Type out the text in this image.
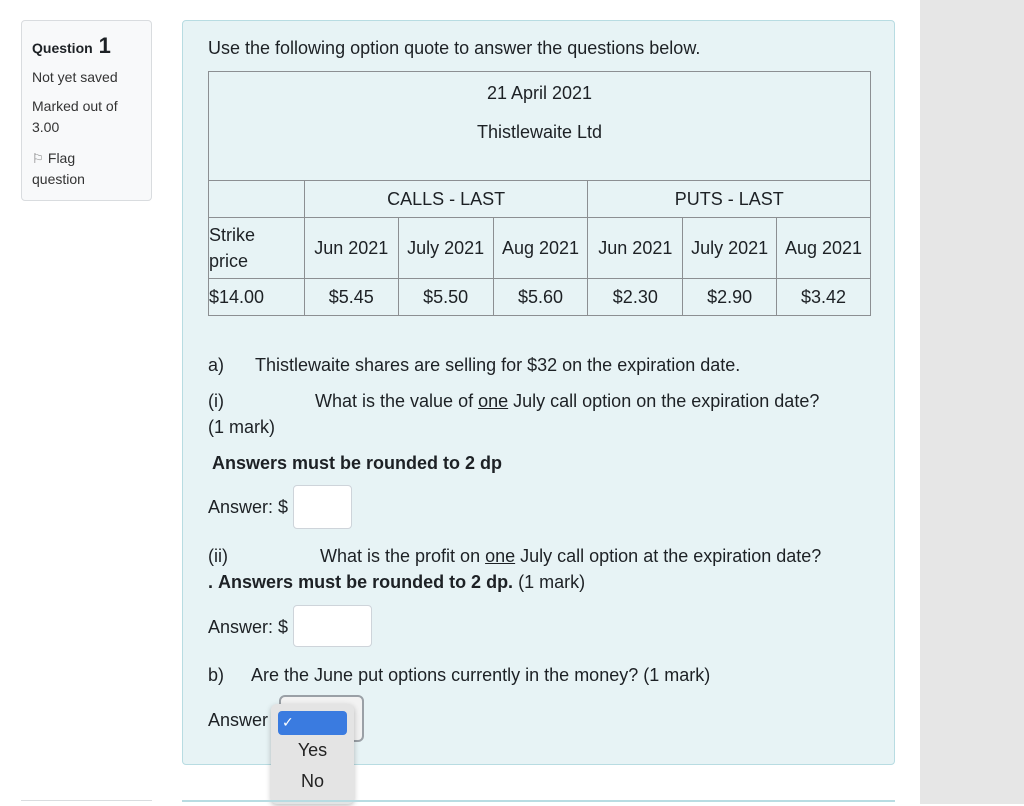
Question 1
Not yet saved
Marked out of
3.00
⚐ Flag
question
Use the following option quote to answer the questions below.
21 April 2021
Thistlewaite Ltd						

	CALLS - LAST			PUTS - LAST		
Strike
price	Jun 2021	July 2021	Aug 2021	Jun 2021	July 2021	Aug 2021
$14.00	$5.45	$5.50	$5.60	$2.30	$2.90	$3.42
a) Thistlewaite shares are selling for $32 on the expiration date.
(i)	What is the value of one July call option on the expiration date?
(1 mark)
Answers must be rounded to 2 dp
Answer: $
(ii)	What is the profit on one July call option at the expiration date?
. Answers must be rounded to 2 dp. (1 mark)
Answer: $
b) Are the June put options currently in the money? (1 mark)
Answer ✓
Yes
No
